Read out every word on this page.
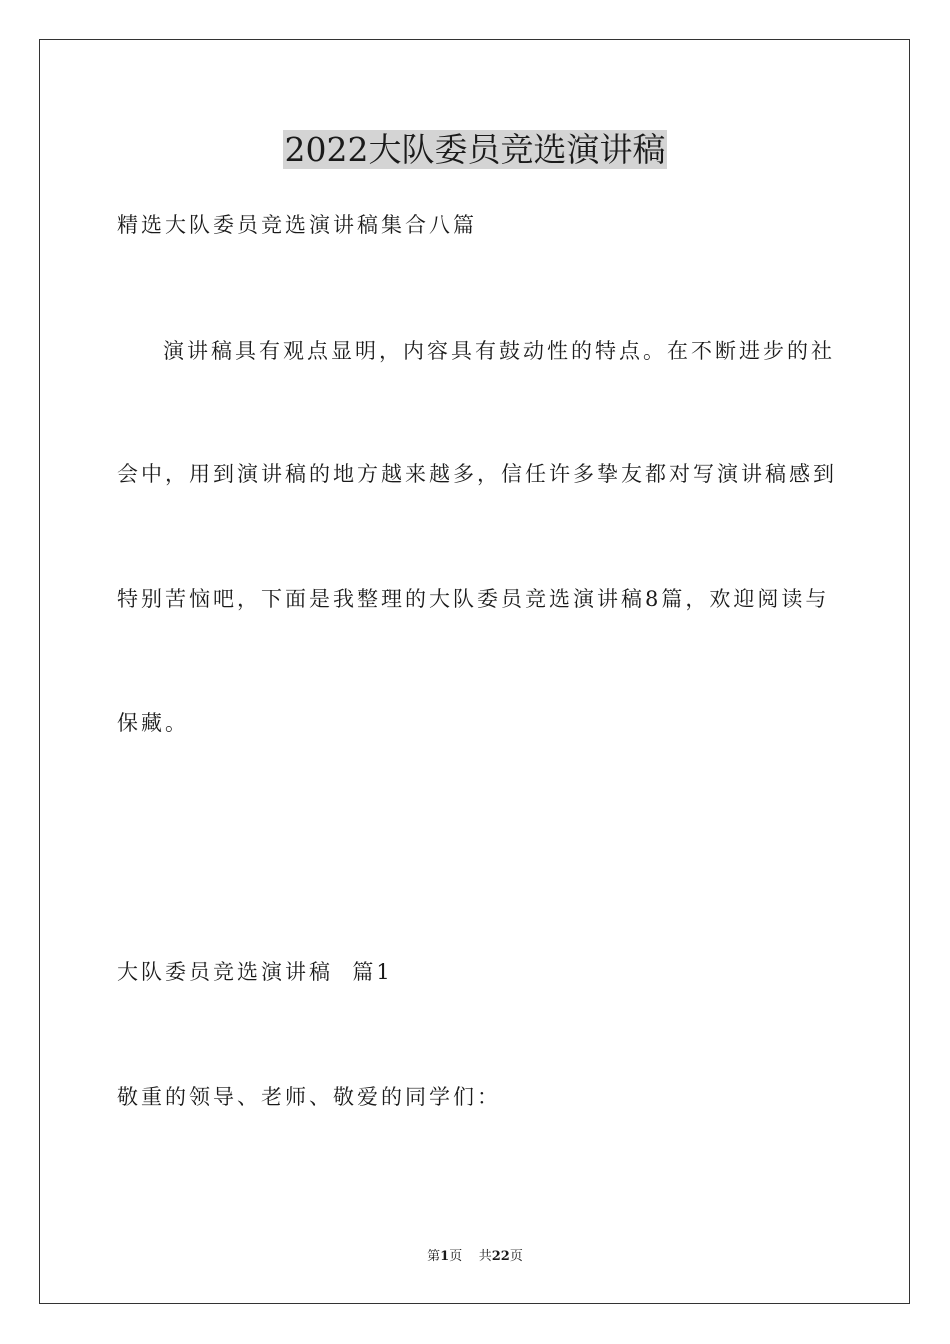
2022大队委员竞选演讲稿
精选大队委员竞选演讲稿集合八篇
演讲稿具有观点显明，内容具有鼓动性的特点。在不断进步的社
会中，用到演讲稿的地方越来越多，信任许多挚友都对写演讲稿感到
特别苦恼吧，下面是我整理的大队委员竞选演讲稿8篇，欢迎阅读与
保藏。
大队委员竞选演讲稿  篇1
敬重的领导、老师、敬爱的同学们：
第1页 共22页
